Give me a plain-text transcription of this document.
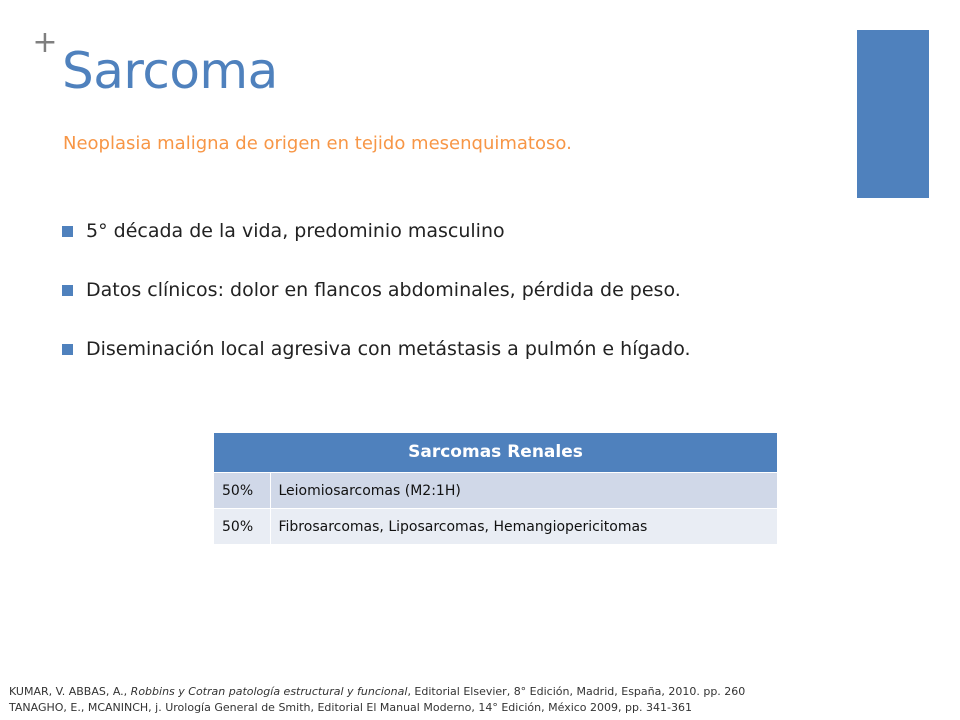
+ Sarcoma

Neoplasia maligna de origen en tejido mesenquimatoso.

5° década de la vida, predominio masculino
Datos clínicos: dolor en flancos abdominales, pérdida de peso.
Diseminación local agresiva con metástasis a pulmón e hígado.
Sarcomas Renales	
50%	Leiomiosarcomas (M2:1H)
50%	Fibrosarcomas, Liposarcomas, Hemangiopericitomas
KUMAR, V. ABBAS, A., Robbins y Cotran patología estructural y funcional, Editorial Elsevier, 8° Edición, Madrid, España, 2010. pp. 260
TANAGHO, E., MCANINCH, j. Urología General de Smith, Editorial El Manual Moderno, 14° Edición, México 2009, pp. 341-361
